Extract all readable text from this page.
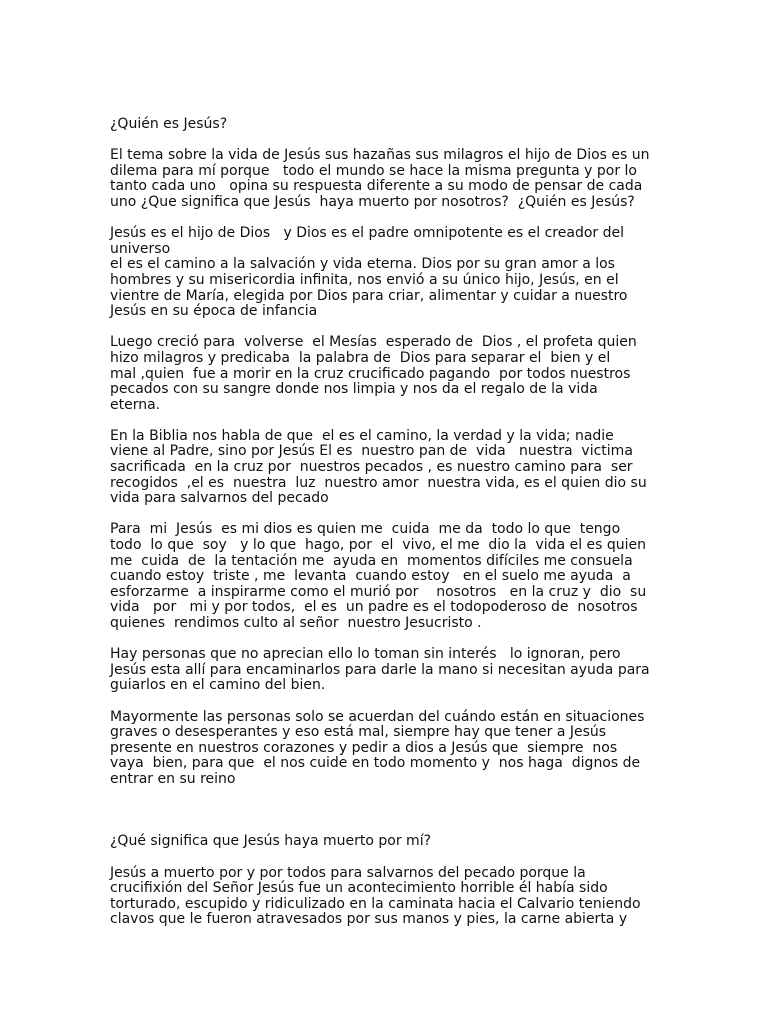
¿Quién es Jesús?
El tema sobre la vida de Jesús sus hazañas sus milagros el hijo de Dios es un
dilema para mí porque   todo el mundo se hace la misma pregunta y por lo
tanto cada uno   opina su respuesta diferente a su modo de pensar de cada
uno ¿Que significa que Jesús  haya muerto por nosotros?  ¿Quién es Jesús?
Jesús es el hijo de Dios   y Dios es el padre omnipotente es el creador del
universo
el es el camino a la salvación y vida eterna. Dios por su gran amor a los
hombres y su misericordia infinita, nos envió a su único hijo, Jesús, en el
vientre de María, elegida por Dios para criar, alimentar y cuidar a nuestro
Jesús en su época de infancia
Luego creció para  volverse  el Mesías  esperado de  Dios , el profeta quien
hizo milagros y predicaba  la palabra de  Dios para separar el  bien y el
mal ,quien  fue a morir en la cruz crucificado pagando  por todos nuestros
pecados con su sangre donde nos limpia y nos da el regalo de la vida
eterna.
En la Biblia nos habla de que  el es el camino, la verdad y la vida; nadie
viene al Padre, sino por Jesús El es  nuestro pan de  vida   nuestra  victima
sacrificada  en la cruz por  nuestros pecados , es nuestro camino para  ser
recogidos  ,el es  nuestra  luz  nuestro amor  nuestra vida, es el quien dio su
vida para salvarnos del pecado
Para  mi  Jesús  es mi dios es quien me  cuida  me da  todo lo que  tengo
todo  lo que  soy   y lo que  hago, por  el  vivo, el me  dio la  vida el es quien
me  cuida  de  la tentación me  ayuda en  momentos difíciles me consuela
cuando estoy  triste , me  levanta  cuando estoy   en el suelo me ayuda  a
esforzarme  a inspirarme como el murió por    nosotros   en la cruz y  dio  su
vida   por   mi y por todos,  el es  un padre es el todopoderoso de  nosotros
quienes  rendimos culto al señor  nuestro Jesucristo .
Hay personas que no aprecian ello lo toman sin interés   lo ignoran, pero
Jesús esta allí para encaminarlos para darle la mano si necesitan ayuda para
guiarlos en el camino del bien.
Mayormente las personas solo se acuerdan del cuándo están en situaciones
graves o desesperantes y eso está mal, siempre hay que tener a Jesús
presente en nuestros corazones y pedir a dios a Jesús que  siempre  nos
vaya  bien, para que  el nos cuide en todo momento y  nos haga  dignos de
entrar en su reino
¿Qué significa que Jesús haya muerto por mí?
Jesús a muerto por y por todos para salvarnos del pecado porque la
crucifixión del Señor Jesús fue un acontecimiento horrible él había sido
torturado, escupido y ridiculizado en la caminata hacia el Calvario teniendo
clavos que le fueron atravesados por sus manos y pies, la carne abierta y
